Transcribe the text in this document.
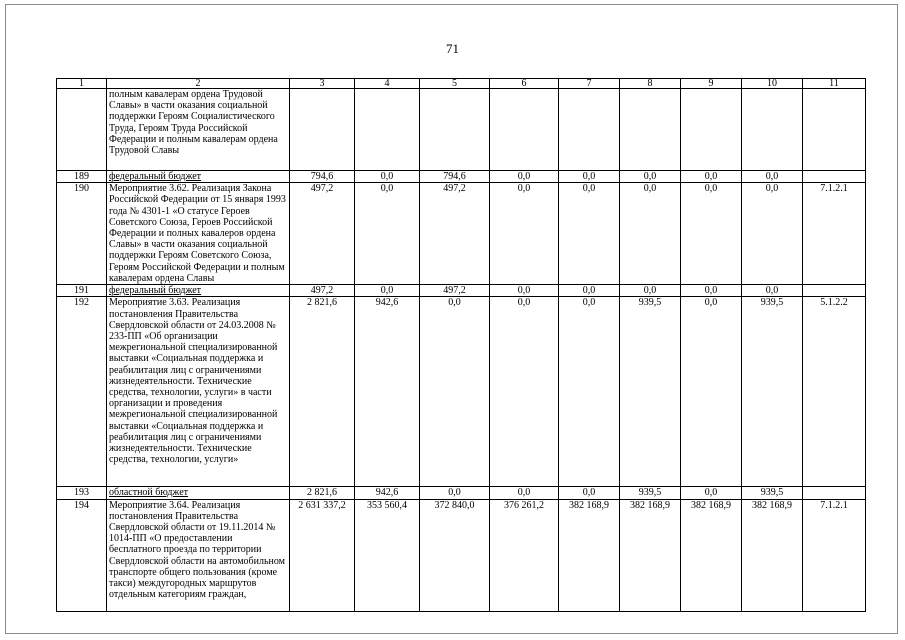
71
1	2	3	4	5	6	7	8	9	10	11
	полным кавалерам ордена Трудовой Славы» в части оказания социальной поддержки Героям Социалистического Труда, Героям Труда Российской Федерации и полным кавалерам ордена Трудовой Славы									
189	федеральный бюджет	794,6	0,0	794,6	0,0	0,0	0,0	0,0	0,0	
190	Мероприятие 3.62. Реализация Закона Российской Федерации от 15 января 1993 года № 4301-1 «О статусе Героев Советского Союза, Героев Российской Федерации и полных кавалеров ордена Славы» в части оказания социальной поддержки Героям Советского Союза, Героям Российской Федерации и полным кавалерам ордена Славы	497,2	0,0	497,2	0,0	0,0	0,0	0,0	0,0	7.1.2.1
191	федеральный бюджет	497,2	0,0	497,2	0,0	0,0	0,0	0,0	0,0	
192	Мероприятие 3.63. Реализация постановления Правительства Свердловской области от 24.03.2008 № 233-ПП «Об организации межрегиональной специализированной выставки «Социальная поддержка и реабилитация лиц с ограничениями жизнедеятельности. Технические средства, технологии, услуги» в части организации и проведения межрегиональной специализированной выставки «Социальная поддержка и реабилитация лиц с ограничениями жизнедеятельности. Технические средства, технологии, услуги»	2 821,6	942,6	0,0	0,0	0,0	939,5	0,0	939,5	5.1.2.2
193	областной бюджет	2 821,6	942,6	0,0	0,0	0,0	939,5	0,0	939,5	
194	Мероприятие 3.64. Реализация постановления Правительства Свердловской области от 19.11.2014 № 1014-ПП «О предоставлении бесплатного проезда по территории Свердловской области на автомобильном транспорте общего пользования (кроме такси) междугородных маршрутов отдельным категориям граждан,	2 631 337,2	353 560,4	372 840,0	376 261,2	382 168,9	382 168,9	382 168,9	382 168,9	7.1.2.1
